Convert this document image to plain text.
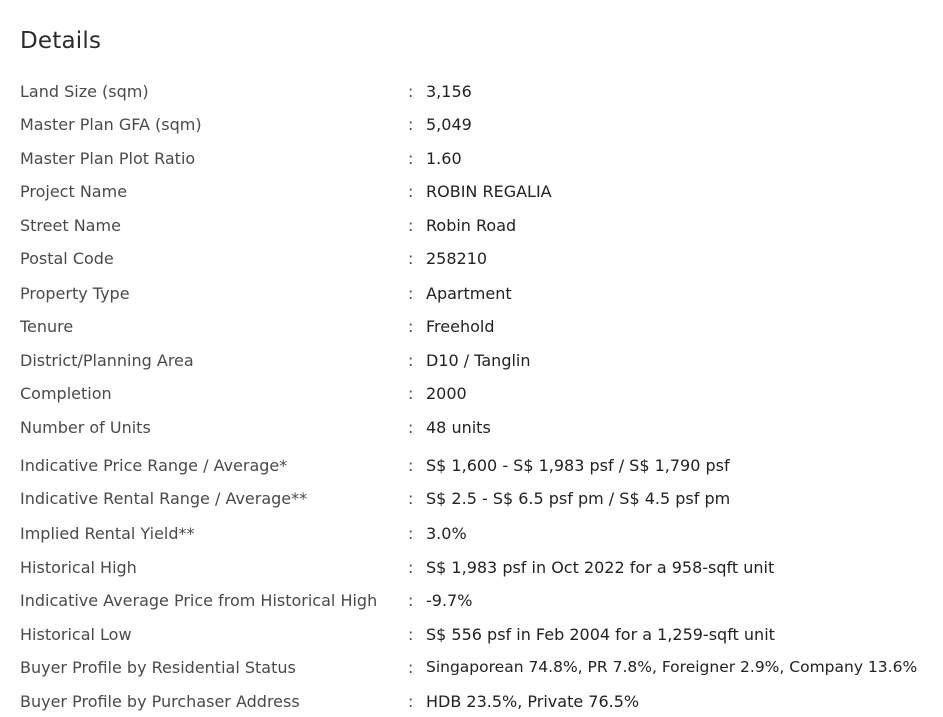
Details
Land Size (sqm)	: 3,156
Master Plan GFA (sqm)	: 5,049
Master Plan Plot Ratio	: 1.60
Project Name	: ROBIN REGALIA
Street Name	: Robin Road
Postal Code	: 258210
Property Type	: Apartment
Tenure	: Freehold
District/Planning Area	: D10 / Tanglin
Completion	: 2000
Number of Units	: 48 units
Indicative Price Range / Average*	: S$ 1,600 - S$ 1,983 psf / S$ 1,790 psf
Indicative Rental Range / Average**	: S$ 2.5 - S$ 6.5 psf pm / S$ 4.5 psf pm
Implied Rental Yield**	: 3.0%
Historical High	: S$ 1,983 psf in Oct 2022 for a 958-sqft unit
Indicative Average Price from Historical High	: -9.7%
Historical Low	: S$ 556 psf in Feb 2004 for a 1,259-sqft unit
Buyer Profile by Residential Status	: Singaporean 74.8%, PR 7.8%, Foreigner 2.9%, Company 13.6%
Buyer Profile by Purchaser Address	: HDB 23.5%, Private 76.5%
